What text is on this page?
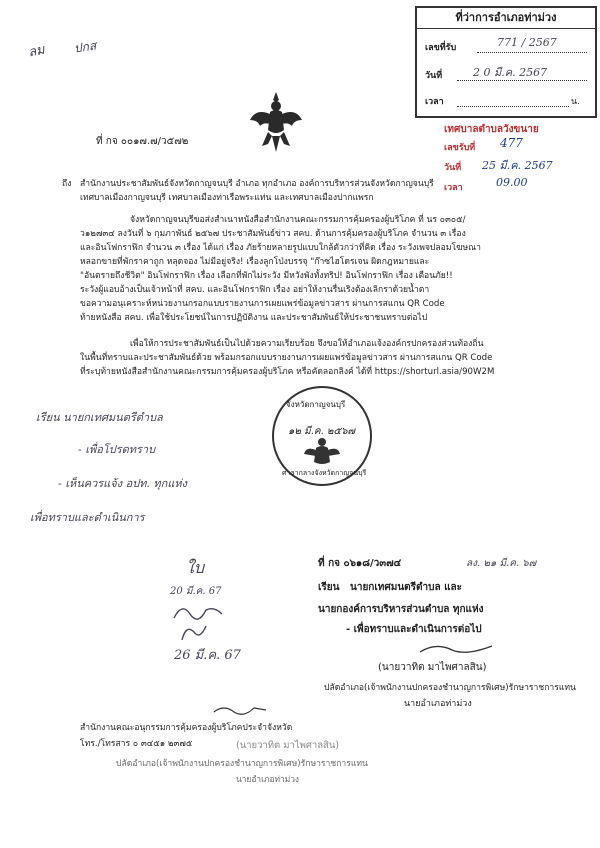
ลม ปกส
ที่ว่าการอำเภอท่าม่วง
เลขที่รับ	771 / 2567
วันที่	2 0 มี.ค. 2567
เวลา	น.
เทศบาลตำบลวังขนาย
เลขรับที่ 477
วันที่ 25 มี.ค. 2567
เวลา	09.00
ที่ กจ ๐๐๑๗.๗/ว๕๗๒
ถึง สำนักงานประชาสัมพันธ์จังหวัดกาญจนบุรี อำเภอ ทุกอำเภอ องค์การบริหารส่วนจังหวัดกาญจนบุรี
เทศบาลเมืองกาญจนบุรี เทศบาลเมืองท่าเรือพระแท่น และเทศบาลเมืองปากแพรก
จังหวัดกาญจนบุรีขอส่งสำเนาหนังสือสำนักงานคณะกรรมการคุ้มครองผู้บริโภค ที่ นร ๐๓๐๕/
ว๑๒๗๓๔ ลงวันที่ ๖ กุมภาพันธ์ ๒๕๖๗ ประชาสัมพันธ์ข่าว สคบ. ด้านการคุ้มครองผู้บริโภค จำนวน ๓ เรื่อง
และอินโฟกราฟิก จำนวน ๓ เรื่อง ได้แก่ เรื่อง ภัยร้ายหลายรูปแบบใกล้ตัวกว่าที่คิด เรื่อง ระวังเพจปลอมโฆษณา
หลอกขายที่พักราคาถูก หลุดจอง ไม่มีอยู่จริง! เรื่องลูกโป่งบรรจุ "ก๊าซไฮโดรเจน ผิดกฎหมายและ
"อันตรายถึงชีวิต" อินโฟกราฟิก เรื่อง เลือกที่พักไม่ระวัง มีหวังพังทั้งทริป! อินโฟกราฟิก เรื่อง เตือนภัย!!
ระวังผู้แอบอ้างเป็นเจ้าหน้าที่ สคบ. และอินโฟกราฟิก เรื่อง อย่าให้งานรื่นเริงต้องเลิกราด้วยน้ำตา
ขอความอนุเคราะห์หน่วยงานกรอกแบบรายงานการเผยแพร่ข้อมูลข่าวสาร ผ่านการสแกน QR Code
ท้ายหนังสือ สคบ. เพื่อใช้ประโยชน์ในการปฏิบัติงาน และประชาสัมพันธ์ให้ประชาชนทราบต่อไป
เพื่อให้การประชาสัมพันธ์เป็นไปด้วยความเรียบร้อย จึงขอให้อำเภอแจ้งองค์กรปกครองส่วนท้องถิ่น
ในพื้นที่ทราบและประชาสัมพันธ์ด้วย พร้อมกรอกแบบรายงานการเผยแพร่ข้อมูลข่าวสาร ผ่านการสแกน QR Code
ที่ระบุท้ายหนังสือสำนักงานคณะกรรมการคุ้มครองผู้บริโภค หรือคัดลอกลิงค์ ได้ที่ https://shorturl.asia/90W2M
จังหวัดกาญจนบุรี
๑๒ มี.ค. ๒๕๖๗
ศาลากลางจังหวัดกาญจนบุรี
เรียน นายกเทศมนตรีตำบล
- เพื่อโปรดทราบ
- เห็นควรแจ้ง อปท. ทุกแห่ง
เพื่อทราบและดำเนินการ
ใบ
20 มี.ค. 67
26 มี.ค. 67
ที่ กจ ๐๖๑๘/ว๓๗๔	ลง. ๒๑ มี.ค. ๖๗
เรียน นายกเทศมนตรีตำบล และ
นายกองค์การบริหารส่วนตำบล ทุกแห่ง
- เพื่อทราบและดำเนินการต่อไป
(นายวาทิต มาไพศาลสิน)
ปลัดอำเภอ(เจ้าพนักงานปกครองชำนาญการพิเศษ)รักษาราชการแทน
นายอำเภอท่าม่วง
สำนักงานคณะอนุกรรมการคุ้มครองผู้บริโภคประจำจังหวัด
โทร./โทรสาร ๐ ๓๔๕๑ ๒๓๗๕	(นายวาทิต มาไพศาลสิน)
ปลัดอำเภอ(เจ้าพนักงานปกครองชำนาญการพิเศษ)รักษาราชการแทน
นายอำเภอท่าม่วง
